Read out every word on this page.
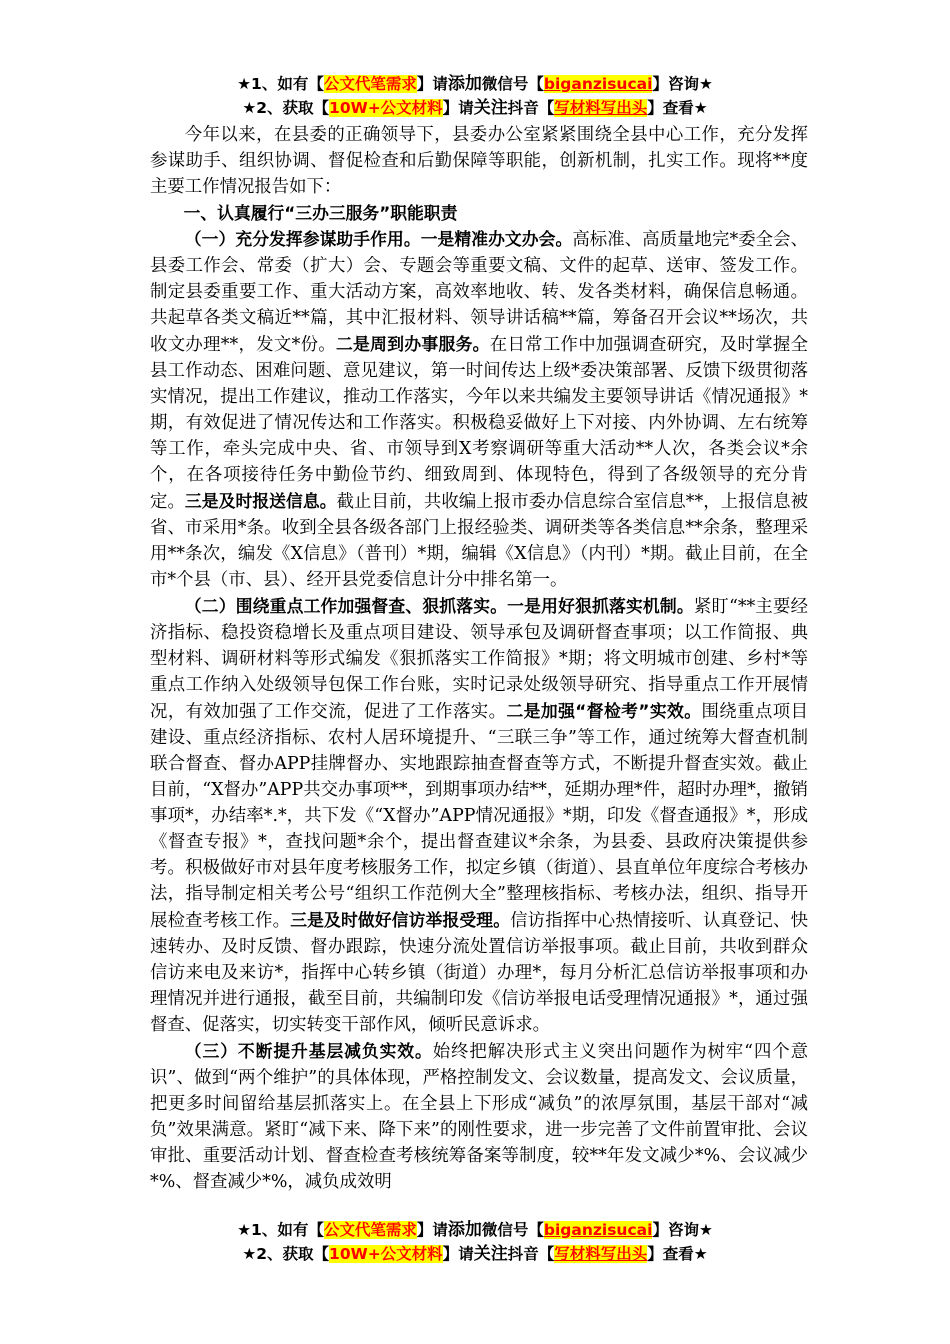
★1、如有【公文代笔需求】请添加微信号【biganzisucai】咨询★
★2、获取【10W+公文材料】请关注抖音【写材料写出头】查看★

今年以来，在县委的正确领导下，县委办公室紧紧围绕全县中心工作，充分发挥参谋助手、组织协调、督促检查和后勤保障等职能，创新机制，扎实工作。现将**度主要工作情况报告如下：

一、认真履行“三办三服务”职能职责

（一）充分发挥参谋助手作用。一是精准办文办会。高标准、高质量地完*委全会、县委工作会、常委（扩大）会、专题会等重要文稿、文件的起草、送审、签发工作。制定县委重要工作、重大活动方案，高效率地收、转、发各类材料，确保信息畅通。共起草各类文稿近**篇，其中汇报材料、领导讲话稿**篇，筹备召开会议**场次，共收文办理**，发文*份。二是周到办事服务。在日常工作中加强调查研究，及时掌握全县工作动态、困难问题、意见建议，第一时间传达上级*委决策部署、反馈下级贯彻落实情况，提出工作建议，推动工作落实，今年以来共编发主要领导讲话《情况通报》*期，有效促进了情况传达和工作落实。积极稳妥做好上下对接、内外协调、左右统筹等工作，牵头完成中央、省、市领导到X考察调研等重大活动**人次，各类会议*余个，在各项接待任务中勤俭节约、细致周到、体现特色，得到了各级领导的充分肯定。三是及时报送信息。截止目前，共收编上报市委办信息综合室信息**，上报信息被省、市采用*条。收到全县各级各部门上报经验类、调研类等各类信息**余条，整理采用**条次，编发《X信息》（普刊）*期，编辑《X信息》（内刊）*期。截止目前，在全市*个县（市、县）、经开县党委信息计分中排名第一。

（二）围绕重点工作加强督查、狠抓落实。一是用好狠抓落实机制。紧盯“**主要经济指标、稳投资稳增长及重点项目建设、领导承包及调研督查事项；以工作简报、典型材料、调研材料等形式编发《狠抓落实工作简报》*期；将文明城市创建、乡村*等重点工作纳入处级领导包保工作台账，实时记录处级领导研究、指导重点工作开展情况，有效加强了工作交流，促进了工作落实。二是加强“督检考”实效。围绕重点项目建设、重点经济指标、农村人居环境提升、“三联三争”等工作，通过统筹大督查机制联合督查、督办APP挂牌督办、实地跟踪抽查督查等方式，不断提升督查实效。截止目前，“X督办”APP共交办事项**，到期事项办结**，延期办理*件，超时办理*，撤销事项*，办结率*.*，共下发《“X督办”APP情况通报》*期，印发《督查通报》*，形成《督查专报》*，查找问题*余个，提出督查建议*余条，为县委、县政府决策提供参考。积极做好市对县年度考核服务工作，拟定乡镇（街道）、县直单位年度综合考核办法，指导制定相关考公号“组织工作范例大全”整理核指标、考核办法，组织、指导开展检查考核工作。三是及时做好信访举报受理。信访指挥中心热情接听、认真登记、快速转办、及时反馈、督办跟踪，快速分流处置信访举报事项。截止目前，共收到群众信访来电及来访*，指挥中心转乡镇（街道）办理*，每月分析汇总信访举报事项和办理情况并进行通报，截至目前，共编制印发《信访举报电话受理情况通报》*，通过强督查、促落实，切实转变干部作风，倾听民意诉求。

（三）不断提升基层减负实效。始终把解决形式主义突出问题作为树牢“四个意识”、做到“两个维护”的具体体现，严格控制发文、会议数量，提高发文、会议质量，把更多时间留给基层抓落实上。在全县上下形成“减负”的浓厚氛围，基层干部对“减负”效果满意。紧盯“减下来、降下来”的刚性要求，进一步完善了文件前置审批、会议审批、重要活动计划、督查检查考核统筹备案等制度，较**年发文减少*%、会议减少*%、督查减少*%，减负成效明

★1、如有【公文代笔需求】请添加微信号【biganzisucai】咨询★
★2、获取【10W+公文材料】请关注抖音【写材料写出头】查看★
